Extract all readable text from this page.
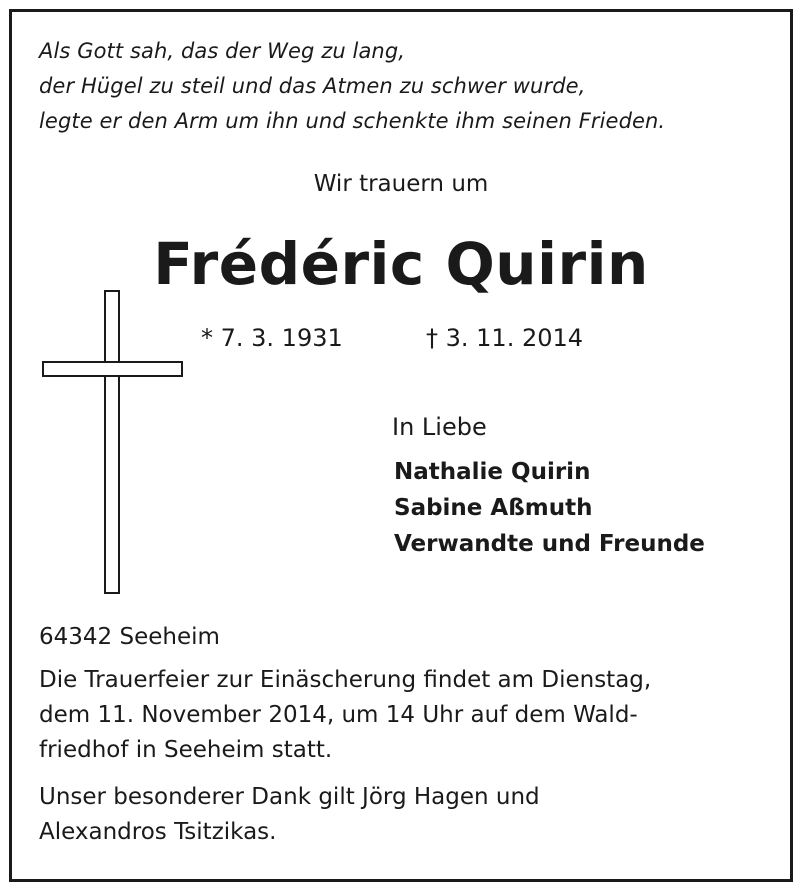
Als Gott sah, das der Weg zu lang,
der Hügel zu steil und das Atmen zu schwer wurde,
legte er den Arm um ihn und schenkte ihm seinen Frieden.
Wir trauern um
Frédéric Quirin
* 7. 3. 1931	† 3. 11. 2014
In Liebe
Nathalie Quirin
Sabine Aßmuth
Verwandte und Freunde
64342 Seeheim
Die Trauerfeier zur Einäscherung findet am Dienstag,
dem 11. November 2014, um 14 Uhr auf dem Wald-
friedhof in Seeheim statt.
Unser besonderer Dank gilt Jörg Hagen und
Alexandros Tsitzikas.
